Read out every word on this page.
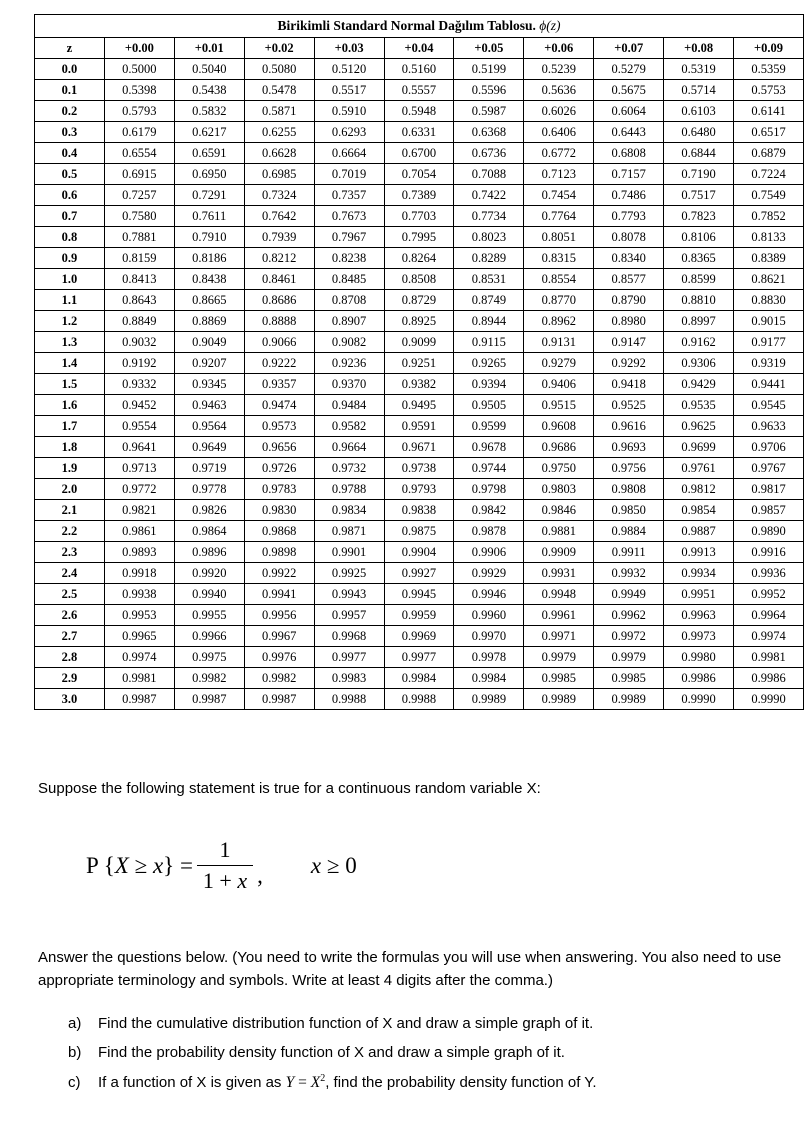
Birikimli Standard Normal Dağılım Tablosu. ϕ(z)										
z	+0.00	+0.01	+0.02	+0.03	+0.04	+0.05	+0.06	+0.07	+0.08	+0.09
0.0	0.5000	0.5040	0.5080	0.5120	0.5160	0.5199	0.5239	0.5279	0.5319	0.5359
0.1	0.5398	0.5438	0.5478	0.5517	0.5557	0.5596	0.5636	0.5675	0.5714	0.5753
0.2	0.5793	0.5832	0.5871	0.5910	0.5948	0.5987	0.6026	0.6064	0.6103	0.6141
0.3	0.6179	0.6217	0.6255	0.6293	0.6331	0.6368	0.6406	0.6443	0.6480	0.6517
0.4	0.6554	0.6591	0.6628	0.6664	0.6700	0.6736	0.6772	0.6808	0.6844	0.6879
0.5	0.6915	0.6950	0.6985	0.7019	0.7054	0.7088	0.7123	0.7157	0.7190	0.7224
0.6	0.7257	0.7291	0.7324	0.7357	0.7389	0.7422	0.7454	0.7486	0.7517	0.7549
0.7	0.7580	0.7611	0.7642	0.7673	0.7703	0.7734	0.7764	0.7793	0.7823	0.7852
0.8	0.7881	0.7910	0.7939	0.7967	0.7995	0.8023	0.8051	0.8078	0.8106	0.8133
0.9	0.8159	0.8186	0.8212	0.8238	0.8264	0.8289	0.8315	0.8340	0.8365	0.8389
1.0	0.8413	0.8438	0.8461	0.8485	0.8508	0.8531	0.8554	0.8577	0.8599	0.8621
1.1	0.8643	0.8665	0.8686	0.8708	0.8729	0.8749	0.8770	0.8790	0.8810	0.8830
1.2	0.8849	0.8869	0.8888	0.8907	0.8925	0.8944	0.8962	0.8980	0.8997	0.9015
1.3	0.9032	0.9049	0.9066	0.9082	0.9099	0.9115	0.9131	0.9147	0.9162	0.9177
1.4	0.9192	0.9207	0.9222	0.9236	0.9251	0.9265	0.9279	0.9292	0.9306	0.9319
1.5	0.9332	0.9345	0.9357	0.9370	0.9382	0.9394	0.9406	0.9418	0.9429	0.9441
1.6	0.9452	0.9463	0.9474	0.9484	0.9495	0.9505	0.9515	0.9525	0.9535	0.9545
1.7	0.9554	0.9564	0.9573	0.9582	0.9591	0.9599	0.9608	0.9616	0.9625	0.9633
1.8	0.9641	0.9649	0.9656	0.9664	0.9671	0.9678	0.9686	0.9693	0.9699	0.9706
1.9	0.9713	0.9719	0.9726	0.9732	0.9738	0.9744	0.9750	0.9756	0.9761	0.9767
2.0	0.9772	0.9778	0.9783	0.9788	0.9793	0.9798	0.9803	0.9808	0.9812	0.9817
2.1	0.9821	0.9826	0.9830	0.9834	0.9838	0.9842	0.9846	0.9850	0.9854	0.9857
2.2	0.9861	0.9864	0.9868	0.9871	0.9875	0.9878	0.9881	0.9884	0.9887	0.9890
2.3	0.9893	0.9896	0.9898	0.9901	0.9904	0.9906	0.9909	0.9911	0.9913	0.9916
2.4	0.9918	0.9920	0.9922	0.9925	0.9927	0.9929	0.9931	0.9932	0.9934	0.9936
2.5	0.9938	0.9940	0.9941	0.9943	0.9945	0.9946	0.9948	0.9949	0.9951	0.9952
2.6	0.9953	0.9955	0.9956	0.9957	0.9959	0.9960	0.9961	0.9962	0.9963	0.9964
2.7	0.9965	0.9966	0.9967	0.9968	0.9969	0.9970	0.9971	0.9972	0.9973	0.9974
2.8	0.9974	0.9975	0.9976	0.9977	0.9977	0.9978	0.9979	0.9979	0.9980	0.9981
2.9	0.9981	0.9982	0.9982	0.9983	0.9984	0.9984	0.9985	0.9985	0.9986	0.9986
3.0	0.9987	0.9987	0.9987	0.9988	0.9988	0.9989	0.9989	0.9989	0.9990	0.9990

Suppose the following statement is true for a continuous random variable X:

P $\{X \ge x\} = \frac{1}{1 + x}$ , x ≥ 0

Answer the questions below. (You need to write the formulas you will use when answering. You also need to use appropriate terminology and symbols. Write at least 4 digits after the comma.)

a)	Find the cumulative distribution function of X and draw a simple graph of it.
b)	Find the probability density function of X and draw a simple graph of it.
c)	If a function of X is given as $Y = X^2$, find the probability density function of Y.
